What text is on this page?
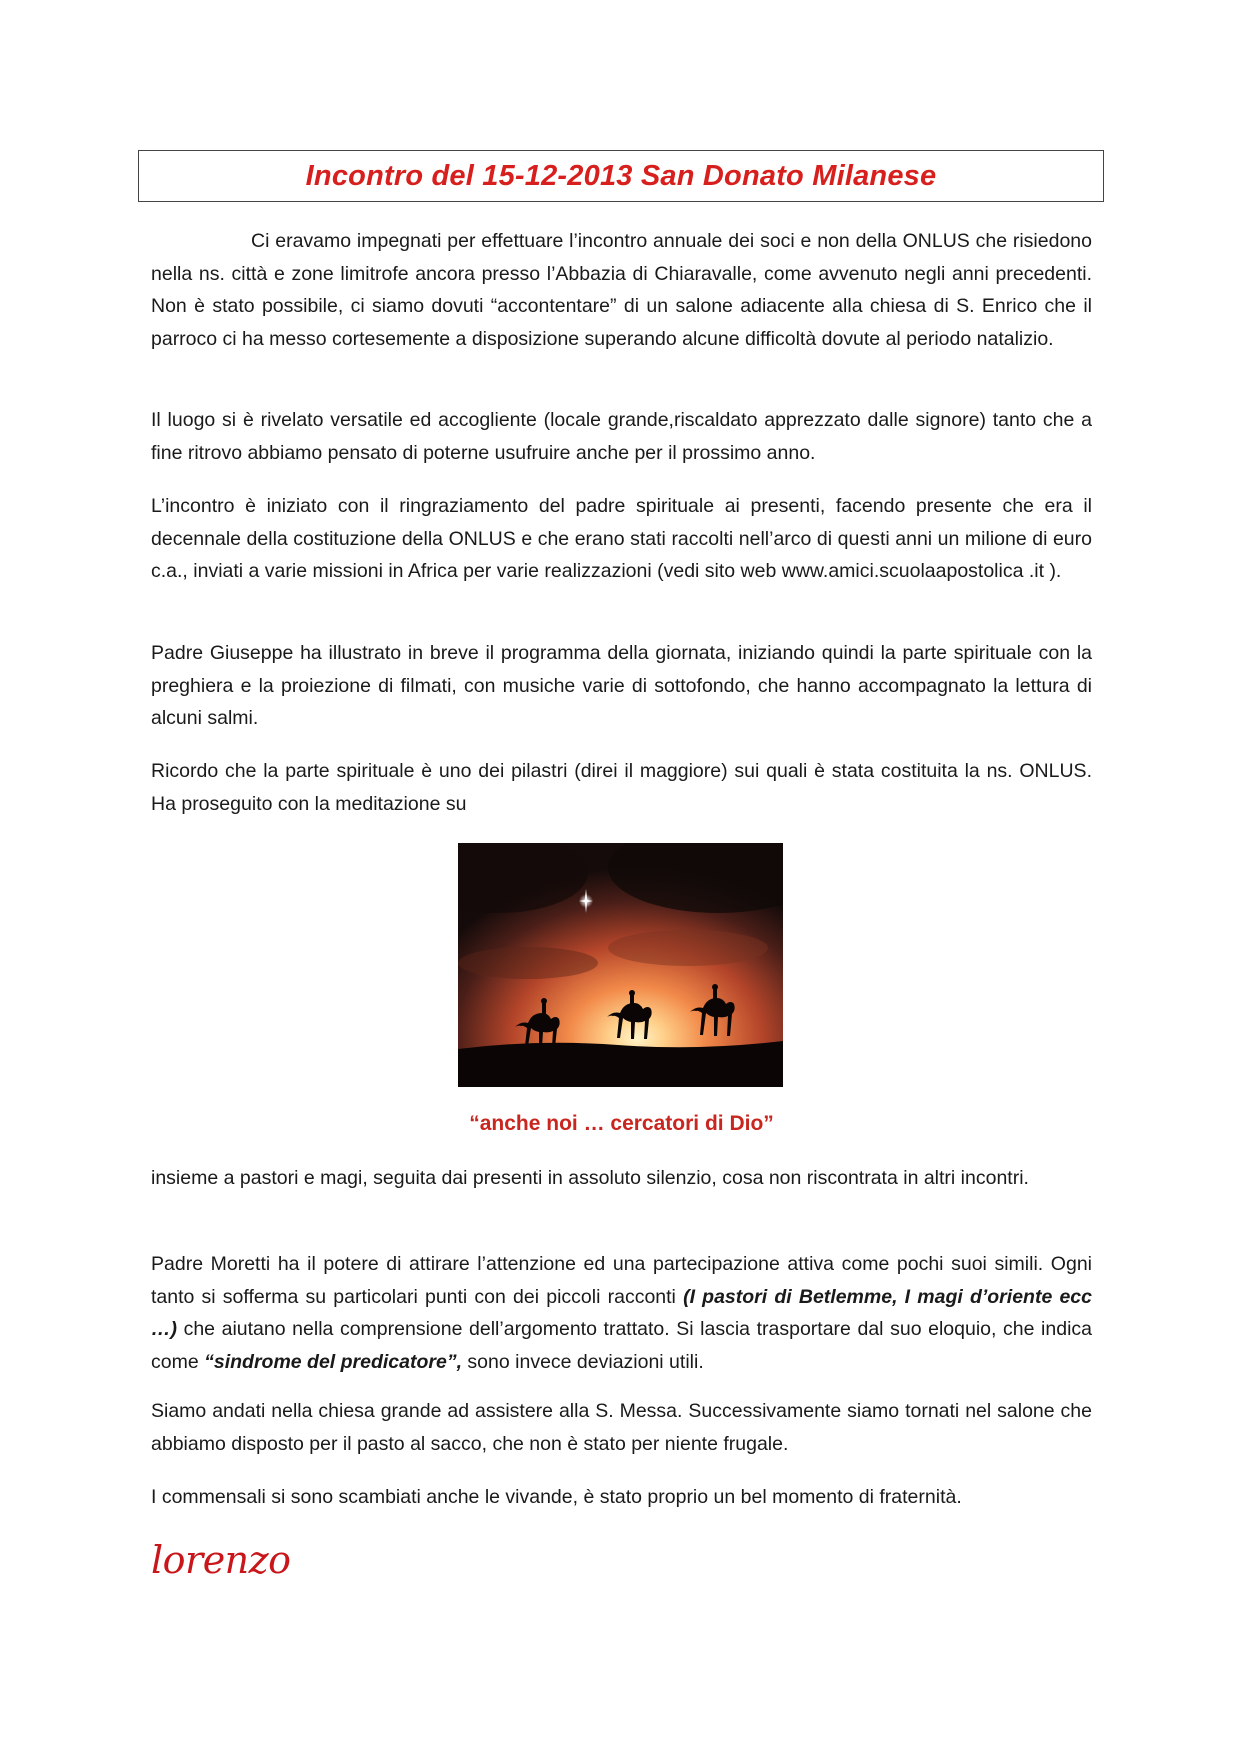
Incontro del 15-12-2013 San Donato Milanese

Ci eravamo impegnati per effettuare l’incontro annuale dei soci e non della ONLUS che risiedono nella ns. città e zone limitrofe ancora presso l’Abbazia di Chiaravalle, come avvenuto negli anni precedenti. Non è stato possibile, ci siamo dovuti “accontentare” di un salone adiacente alla chiesa di S. Enrico che il parroco ci ha messo cortesemente a disposizione superando alcune difficoltà dovute al periodo natalizio.

Il luogo si è rivelato versatile ed accogliente (locale grande,riscaldato apprezzato dalle signore) tanto che a fine ritrovo abbiamo pensato di poterne usufruire anche per il prossimo anno.

L’incontro è iniziato con il ringraziamento del padre spirituale ai presenti, facendo presente che era il decennale della costituzione della ONLUS e che erano stati raccolti nell’arco di questi anni un milione di euro c.a., inviati a varie missioni in Africa per varie realizzazioni (vedi sito web www.amici.scuolaapostolica .it ).

Padre Giuseppe ha illustrato in breve il programma della giornata, iniziando quindi la parte spirituale con la preghiera e la proiezione di filmati, con musiche varie di sottofondo, che hanno accompagnato la lettura di alcuni salmi.

Ricordo che la parte spirituale è uno dei pilastri (direi il maggiore) sui quali è stata costituita la ns. ONLUS. Ha proseguito con la meditazione su

“anche noi … cercatori di Dio”

insieme a pastori e magi, seguita dai presenti in assoluto silenzio, cosa non riscontrata in altri incontri.

Padre Moretti ha il potere di attirare l’attenzione ed una partecipazione attiva come pochi suoi simili. Ogni tanto si sofferma su particolari punti con dei piccoli racconti (I pastori di Betlemme, I magi d’oriente ecc …) che aiutano nella comprensione dell’argomento trattato. Si lascia trasportare dal suo eloquio, che indica come “sindrome del predicatore”, sono invece deviazioni utili.

Siamo andati nella chiesa grande ad assistere alla S. Messa. Successivamente siamo tornati nel salone che abbiamo disposto per il pasto al sacco, che non è stato per niente frugale.

I commensali si sono scambiati anche le vivande, è stato proprio un bel momento di fraternità.

lorenzo
